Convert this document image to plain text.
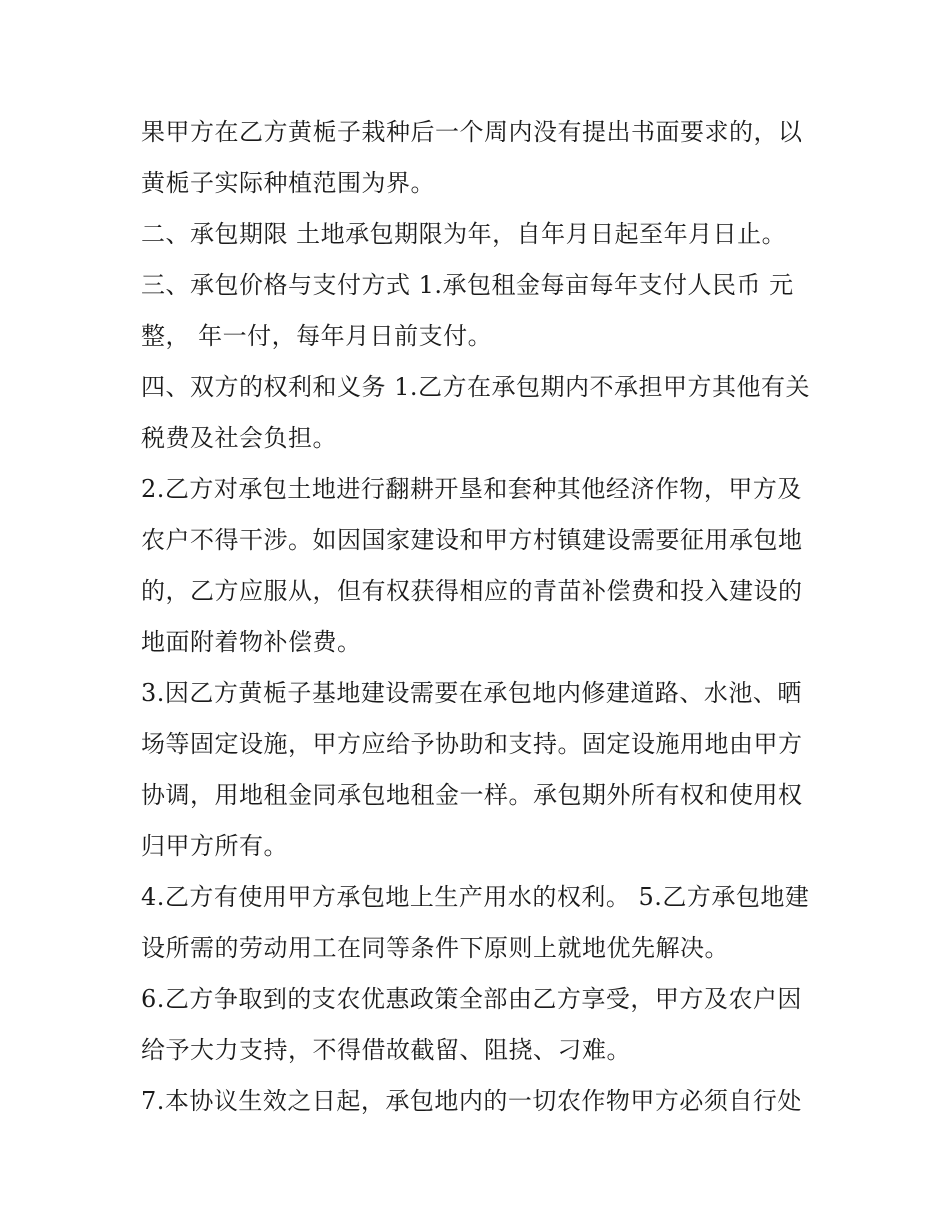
果甲方在乙方黄栀子栽种后一个周内没有提出书面要求的，以

黄栀子实际种植范围为界。

二、承包期限 土地承包期限为年，自年月日起至年月日止。

三、承包价格与支付方式 1.承包租金每亩每年支付人民币 元

整， 年一付，每年月日前支付。

四、双方的权利和义务 1.乙方在承包期内不承担甲方其他有关

税费及社会负担。

2.乙方对承包土地进行翻耕开垦和套种其他经济作物，甲方及

农户不得干涉。如因国家建设和甲方村镇建设需要征用承包地

的，乙方应服从，但有权获得相应的青苗补偿费和投入建设的

地面附着物补偿费。

3.因乙方黄栀子基地建设需要在承包地内修建道路、水池、晒

场等固定设施，甲方应给予协助和支持。固定设施用地由甲方

协调，用地租金同承包地租金一样。承包期外所有权和使用权

归甲方所有。

4.乙方有使用甲方承包地上生产用水的权利。 5.乙方承包地建

设所需的劳动用工在同等条件下原则上就地优先解决。

6.乙方争取到的支农优惠政策全部由乙方享受，甲方及农户因

给予大力支持，不得借故截留、阻挠、刁难。

7.本协议生效之日起，承包地内的一切农作物甲方必须自行处
